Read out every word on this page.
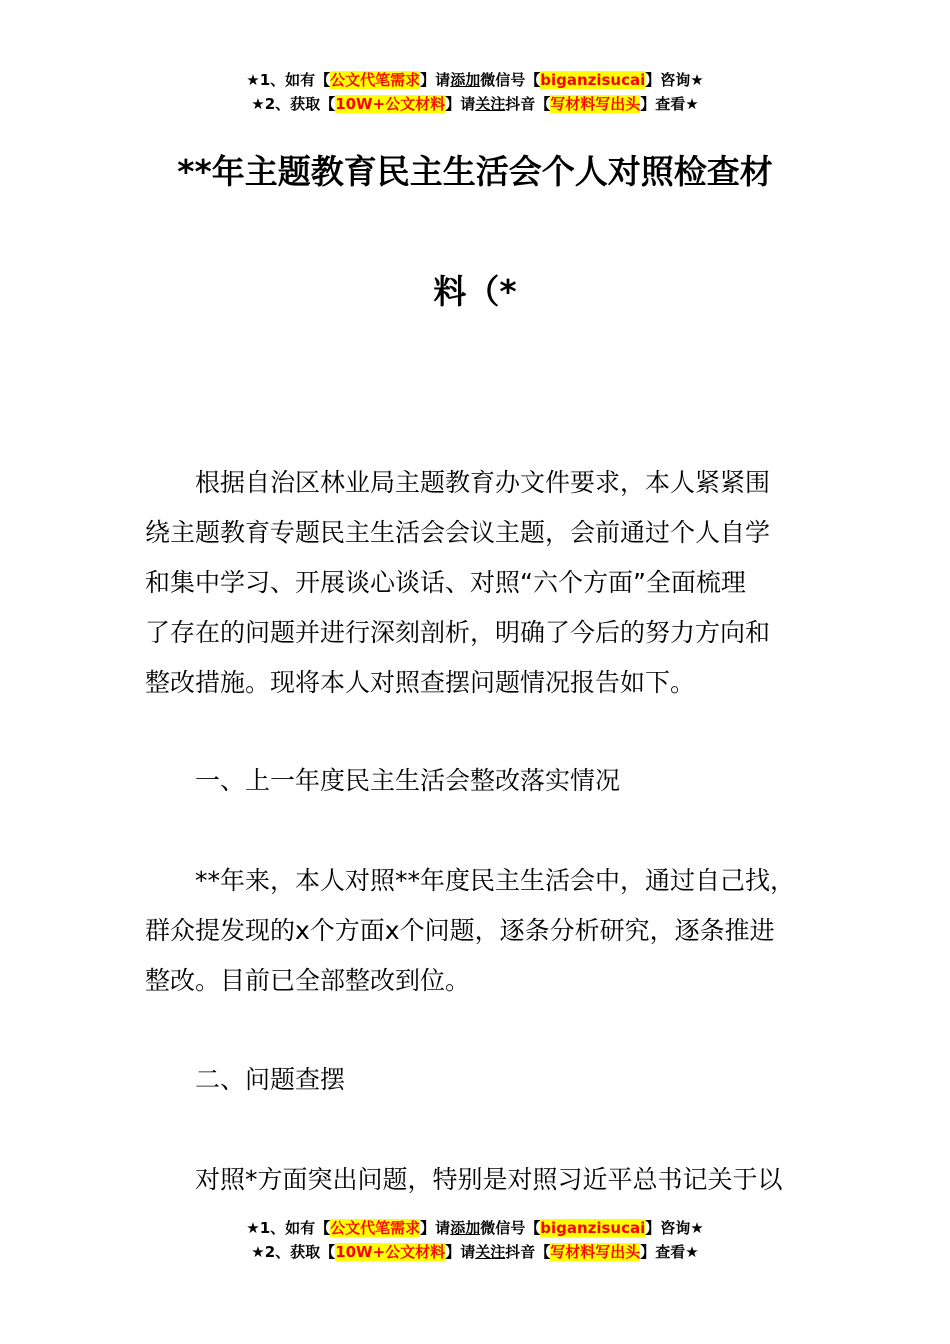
★1、如有【公文代笔需求】请添加微信号【biganzisucai】咨询★
★2、获取【10W+公文材料】请关注抖音【写材料写出头】查看★
**年主题教育民主生活会个人对照检查材
料（*
根据自治区林业局主题教育办文件要求，本人紧紧围
绕主题教育专题民主生活会会议主题，会前通过个人自学
和集中学习、开展谈心谈话、对照“六个方面”全面梳理
了存在的问题并进行深刻剖析，明确了今后的努力方向和
整改措施。现将本人对照查摆问题情况报告如下。
一、上一年度民主生活会整改落实情况
**年来，本人对照**年度民主生活会中，通过自己找，
群众提发现的x个方面x个问题，逐条分析研究，逐条推进
整改。目前已全部整改到位。
二、问题查摆
对照*方面突出问题，特别是对照习近平总书记关于以
★1、如有【公文代笔需求】请添加微信号【biganzisucai】咨询★
★2、获取【10W+公文材料】请关注抖音【写材料写出头】查看★
